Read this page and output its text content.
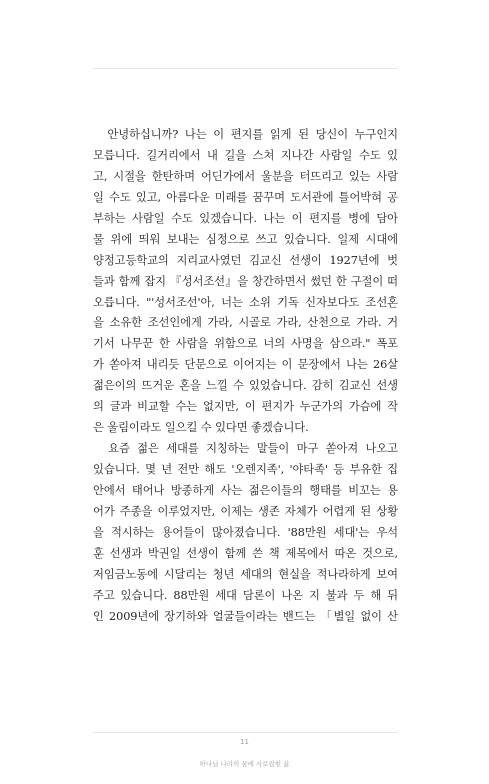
　안녕하십니까? 나는 이 편지를 읽게 된 당신이 누구인지
모릅니다. 길거리에서 내 길을 스쳐 지나간 사람일 수도 있
고, 시절을 한탄하며 어딘가에서 울분을 터뜨리고 있는 사람
일 수도 있고, 아름다운 미래를 꿈꾸며 도서관에 틀어박혀 공
부하는 사람일 수도 있겠습니다. 나는 이 편지를 병에 담아
물 위에 띄워 보내는 심정으로 쓰고 있습니다. 일제 시대에
양정고등학교의 지리교사였던 김교신 선생이 1927년에 벗
들과 함께 잡지 『성서조선』을 창간하면서 썼던 한 구절이 떠
오릅니다. "'성서조선'아, 너는 소위 기독 신자보다도 조선혼
을 소유한 조선인에게 가라, 시골로 가라, 산천으로 가라. 거
기서 나무꾼 한 사람을 위함으로 너의 사명을 삼으라." 폭포
가 쏟아져 내리듯 단문으로 이어지는 이 문장에서 나는 26살
젊은이의 뜨거운 혼을 느낄 수 있었습니다. 감히 김교신 선생
의 글과 비교할 수는 없지만, 이 편지가 누군가의 가슴에 작
은 울림이라도 일으킬 수 있다면 좋겠습니다.
　요즘 젊은 세대를 지칭하는 말들이 마구 쏟아져 나오고
있습니다. 몇 년 전만 해도 '오렌지족', '야타족' 등 부유한 집
안에서 태어나 방종하게 사는 젊은이들의 행태를 비꼬는 용
어가 주종을 이루었지만, 이제는 생존 자체가 어렵게 된 상황
을 적시하는 용어들이 많아졌습니다. '88만원 세대'는 우석
훈 선생과 박권일 선생이 함께 쓴 책 제목에서 따온 것으로,
저임금노동에 시달리는 청년 세대의 현실을 적나라하게 보여
주고 있습니다. 88만원 세대 담론이 나온 지 불과 두 해 뒤
인 2009년에 장기하와 얼굴들이라는 밴드는 「별일 없이 산
11
하나님 나라의 꿈에 사로잡힌 삶
